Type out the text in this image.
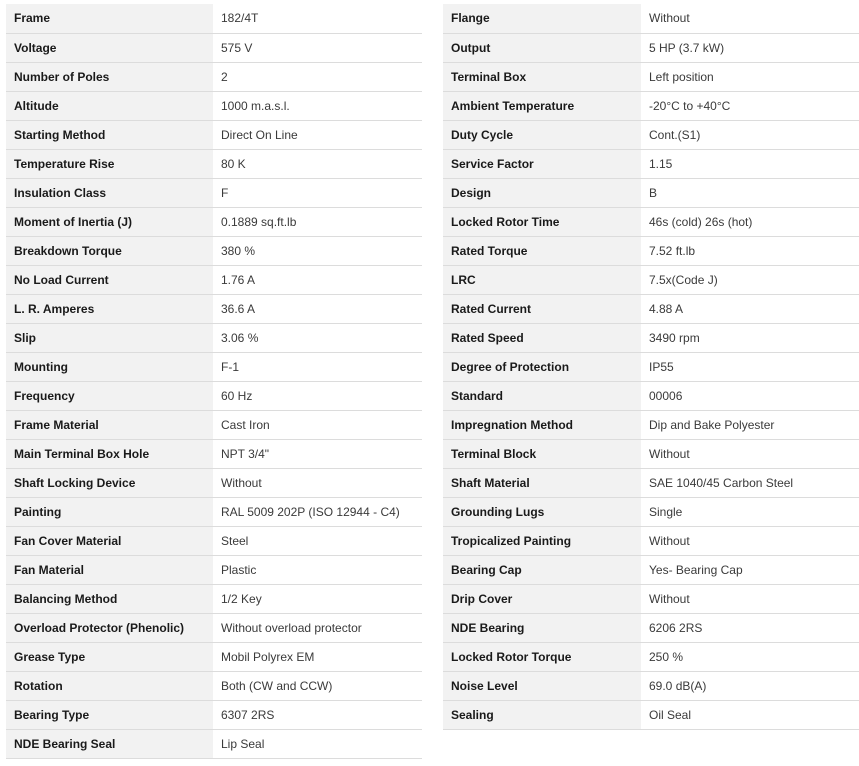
Frame	182/4T
Voltage	575 V
Number of Poles	2
Altitude	1000 m.a.s.l.
Starting Method	Direct On Line
Temperature Rise	80 K
Insulation Class	F
Moment of Inertia (J)	0.1889 sq.ft.lb
Breakdown Torque	380 %
No Load Current	1.76 A
L. R. Amperes	36.6 A
Slip	3.06 %
Mounting	F-1
Frequency	60 Hz
Frame Material	Cast Iron
Main Terminal Box Hole	NPT 3/4"
Shaft Locking Device	Without
Painting	RAL 5009 202P (ISO 12944 - C4)
Fan Cover Material	Steel
Fan Material	Plastic
Balancing Method	1/2 Key
Overload Protector (Phenolic)	Without overload protector
Grease Type	Mobil Polyrex EM
Rotation	Both (CW and CCW)
Bearing Type	6307 2RS
NDE Bearing Seal	Lip Seal
Flange	Without
Output	5 HP (3.7 kW)
Terminal Box	Left position
Ambient Temperature	-20°C to +40°C
Duty Cycle	Cont.(S1)
Service Factor	1.15
Design	B
Locked Rotor Time	46s (cold) 26s (hot)
Rated Torque	7.52 ft.lb
LRC	7.5x(Code J)
Rated Current	4.88 A
Rated Speed	3490 rpm
Degree of Protection	IP55
Standard	00006
Impregnation Method	Dip and Bake Polyester
Terminal Block	Without
Shaft Material	SAE 1040/45 Carbon Steel
Grounding Lugs	Single
Tropicalized Painting	Without
Bearing Cap	Yes- Bearing Cap
Drip Cover	Without
NDE Bearing	6206 2RS
Locked Rotor Torque	250 %
Noise Level	69.0 dB(A)
Sealing	Oil Seal
